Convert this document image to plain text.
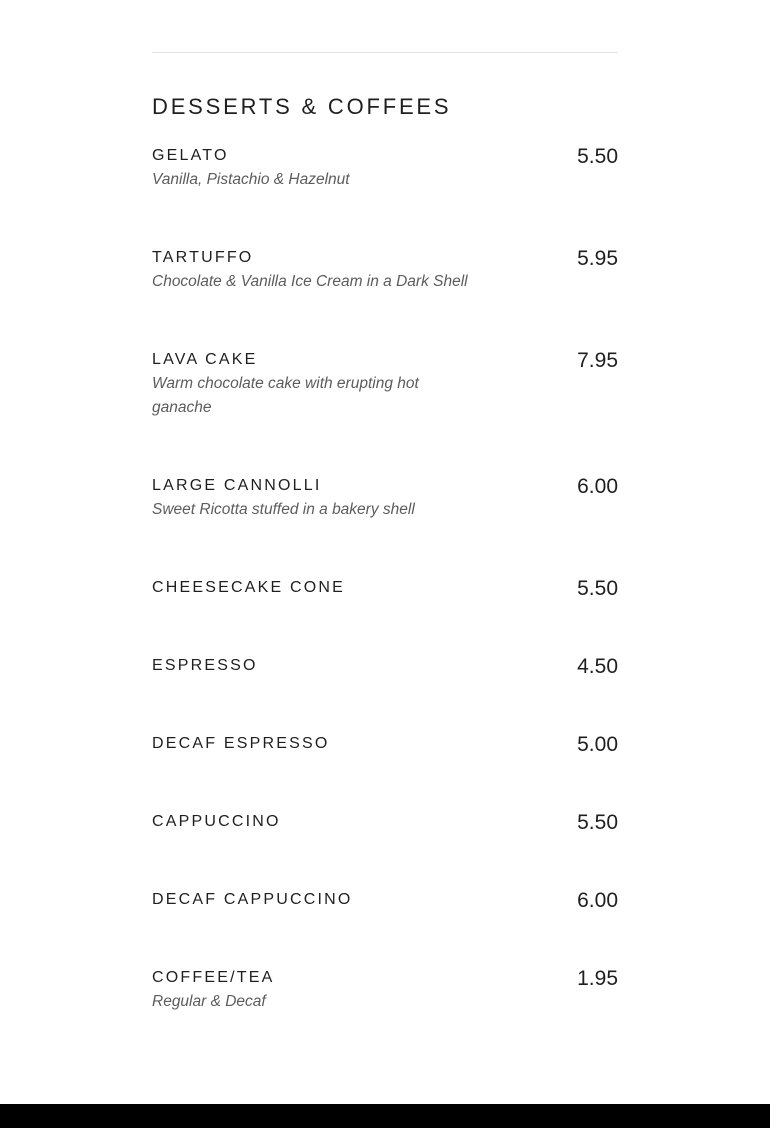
DESSERTS & COFFEES
GELATO	5.50
Vanilla, Pistachio & Hazelnut
TARTUFFO	5.95
Chocolate & Vanilla Ice Cream in a Dark Shell
LAVA CAKE	7.95
Warm chocolate cake with erupting hot
ganache
LARGE CANNOLLI	6.00
Sweet Ricotta stuffed in a bakery shell
CHEESECAKE CONE	5.50
ESPRESSO	4.50
DECAF ESPRESSO	5.00
CAPPUCCINO	5.50
DECAF CAPPUCCINO	6.00
COFFEE/TEA	1.95
Regular & Decaf
